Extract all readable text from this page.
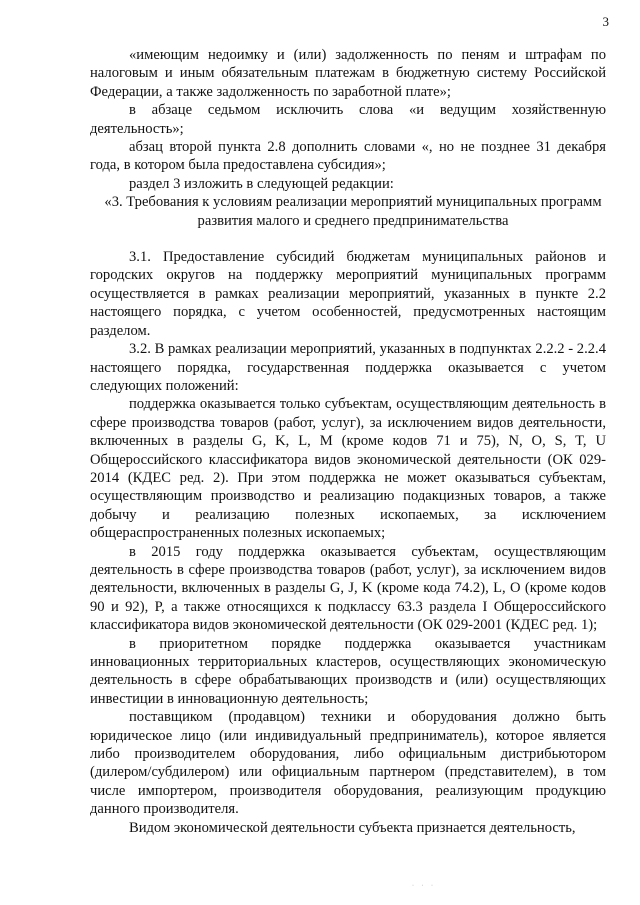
3

«имеющим недоимку и (или) задолженность по пеням и штрафам по налоговым и иным обязательным платежам в бюджетную систему Российской Федерации, а также задолженность по заработной плате»;

в абзаце седьмом исключить слова «и ведущим хозяйственную деятельность»;

абзац второй пункта 2.8 дополнить словами «, но не позднее 31 декабря года, в котором была предоставлена субсидия»;

раздел 3 изложить в следующей редакции:

«3. Требования к условиям реализации мероприятий муниципальных программ развития малого и среднего предпринимательства

3.1. Предоставление субсидий бюджетам муниципальных районов и городских округов на поддержку мероприятий муниципальных программ осуществляется в рамках реализации мероприятий, указанных в пункте 2.2 настоящего порядка, с учетом особенностей, предусмотренных настоящим разделом.

3.2. В рамках реализации мероприятий, указанных в подпунктах 2.2.2 - 2.2.4 настоящего порядка, государственная поддержка оказывается с учетом следующих положений:

поддержка оказывается только субъектам, осуществляющим деятельность в сфере производства товаров (работ, услуг), за исключением видов деятельности, включенных в разделы G, K, L, M (кроме кодов 71 и 75), N, O, S, T, U Общероссийского классификатора видов экономической деятельности (ОК 029-2014 (КДЕС ред. 2). При этом поддержка не может оказываться субъектам, осуществляющим производство и реализацию подакцизных товаров, а также добычу и реализацию полезных ископаемых, за исключением общераспространенных полезных ископаемых;

в 2015 году поддержка оказывается субъектам, осуществляющим деятельность в сфере производства товаров (работ, услуг), за исключением видов деятельности, включенных в разделы G, J, K (кроме кода 74.2), L, O (кроме кодов 90 и 92), P, а также относящихся к подклассу 63.3 раздела I Общероссийского классификатора видов экономической деятельности (ОК 029-2001 (КДЕС ред. 1);

в приоритетном порядке поддержка оказывается участникам инновационных территориальных кластеров, осуществляющих экономическую деятельность в сфере обрабатывающих производств и (или) осуществляющих инвестиции в инновационную деятельность;

поставщиком (продавцом) техники и оборудования должно быть юридическое лицо (или индивидуальный предприниматель), которое является либо производителем оборудования, либо официальным дистрибьютором (дилером/субдилером) или официальным партнером (представителем), в том числе импортером, производителя оборудования, реализующим продукцию данного производителя.

Видом экономической деятельности субъекта признается деятельность,

· · ·
